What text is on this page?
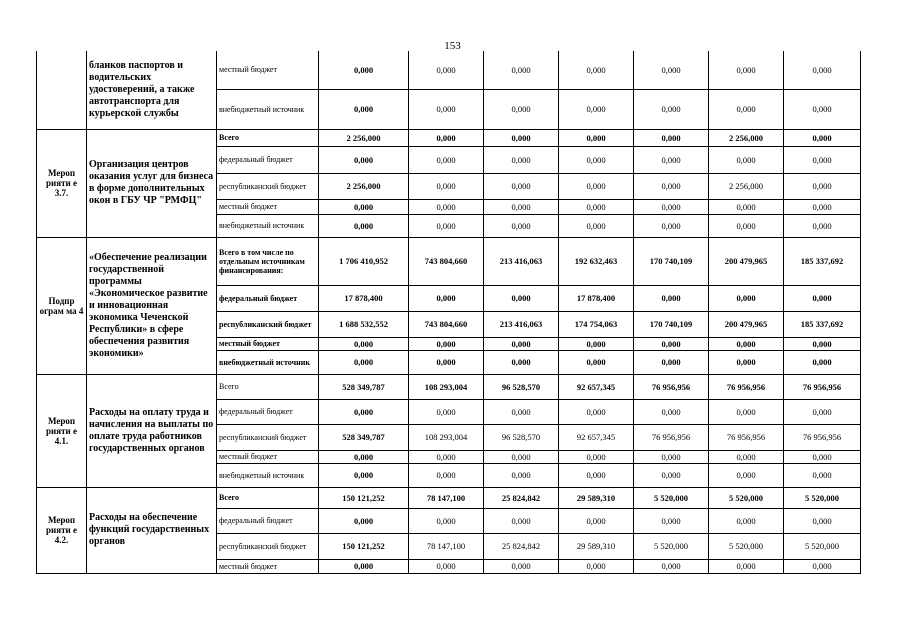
153
	бланков паспортов и водительских удостоверений, а также автотранспорта для курьерской службы	местный бюджет	0,000	0,000	0,000	0,000	0,000	0,000	0,000
		внебюджетный источник	0,000	0,000	0,000	0,000	0,000	0,000	0,000
Мероп рияти е 3.7.	Организация центров оказания услуг для бизнеса в форме дополнительных окон в ГБУ ЧР "РМФЦ"	Всего	2 256,000	0,000	0,000	0,000	0,000	2 256,000	0,000
		федеральный бюджет	0,000	0,000	0,000	0,000	0,000	0,000	0,000
		республиканский бюджет	2 256,000	0,000	0,000	0,000	0,000	2 256,000	0,000
		местный бюджет	0,000	0,000	0,000	0,000	0,000	0,000	0,000
		внебюджетный источник	0,000	0,000	0,000	0,000	0,000	0,000	0,000
Подпр ограм ма 4	«Обеспечение реализации государственной программы «Экономическое развитие и инновационная экономика Чеченской Республики» в сфере обеспечения развития экономики»	Всего в том числе по отдельным источникам финансирования:	1 706 410,952	743 804,660	213 416,063	192 632,463	170 740,109	200 479,965	185 337,692
		федеральный бюджет	17 878,400	0,000	0,000	17 878,400	0,000	0,000	0,000
		республиканский бюджет	1 688 532,552	743 804,660	213 416,063	174 754,063	170 740,109	200 479,965	185 337,692
		местный бюджет	0,000	0,000	0,000	0,000	0,000	0,000	0,000
		внебюджетный источник	0,000	0,000	0,000	0,000	0,000	0,000	0,000
Мероп рияти е 4.1.	Расходы на оплату труда и начисления на выплаты по оплате труда работников государственных органов	Всего	528 349,787	108 293,004	96 528,570	92 657,345	76 956,956	76 956,956	76 956,956
		федеральный бюджет	0,000	0,000	0,000	0,000	0,000	0,000	0,000
		республиканский бюджет	528 349,787	108 293,004	96 528,570	92 657,345	76 956,956	76 956,956	76 956,956
		местный бюджет	0,000	0,000	0,000	0,000	0,000	0,000	0,000
		внебюджетный источник	0,000	0,000	0,000	0,000	0,000	0,000	0,000
Мероп рияти е 4.2.	Расходы на обеспечение функций государственных органов	Всего	150 121,252	78 147,100	25 824,842	29 589,310	5 520,000	5 520,000	5 520,000
		федеральный бюджет	0,000	0,000	0,000	0,000	0,000	0,000	0,000
		республиканский бюджет	150 121,252	78 147,100	25 824,842	29 589,310	5 520,000	5 520,000	5 520,000
		местный бюджет	0,000	0,000	0,000	0,000	0,000	0,000	0,000
